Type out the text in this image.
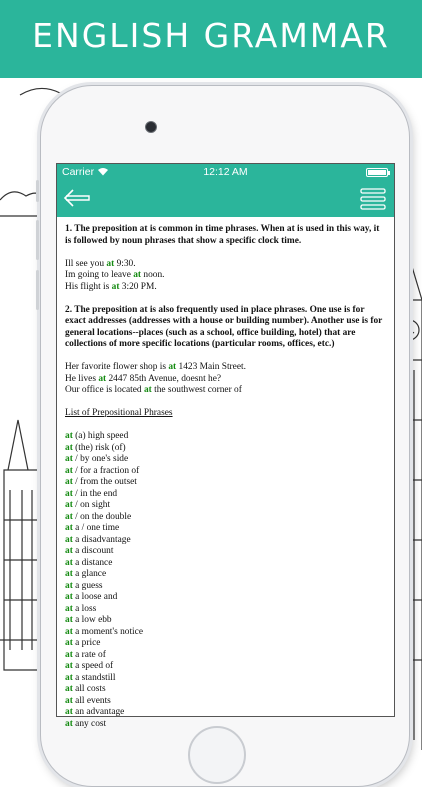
ENGLISH GRAMMAR
Carrier	12:12 AM

1. The preposition at is common in time phrases. When at is used in this way, it is followed by noun phrases that show a specific clock time.

Ill see you at 9:30.

Im going to leave at noon.

His flight is at 3:20 PM.

2. The preposition at is also frequently used in place phrases. One use is for exact addresses (addresses with a house or building number). Another use is for general locations--places (such as a school, office building, hotel) that are collections of more specific locations (particular rooms, offices, etc.)

Her favorite flower shop is at 1423 Main Street.

He lives at 2447 85th Avenue, doesnt he?

Our office is located at the southwest corner of

List of Prepositional Phrases

at (a) high speed

at (the) risk (of)

at / by one's side

at / for a fraction of

at / from the outset

at / in the end

at / on sight

at / on the double

at a / one time

at a disadvantage

at a discount

at a distance

at a glance

at a guess

at a loose and

at a loss

at a low ebb

at a moment's notice

at a price

at a rate of

at a speed of

at a standstill

at all costs

at all events

at an advantage

at any cost
